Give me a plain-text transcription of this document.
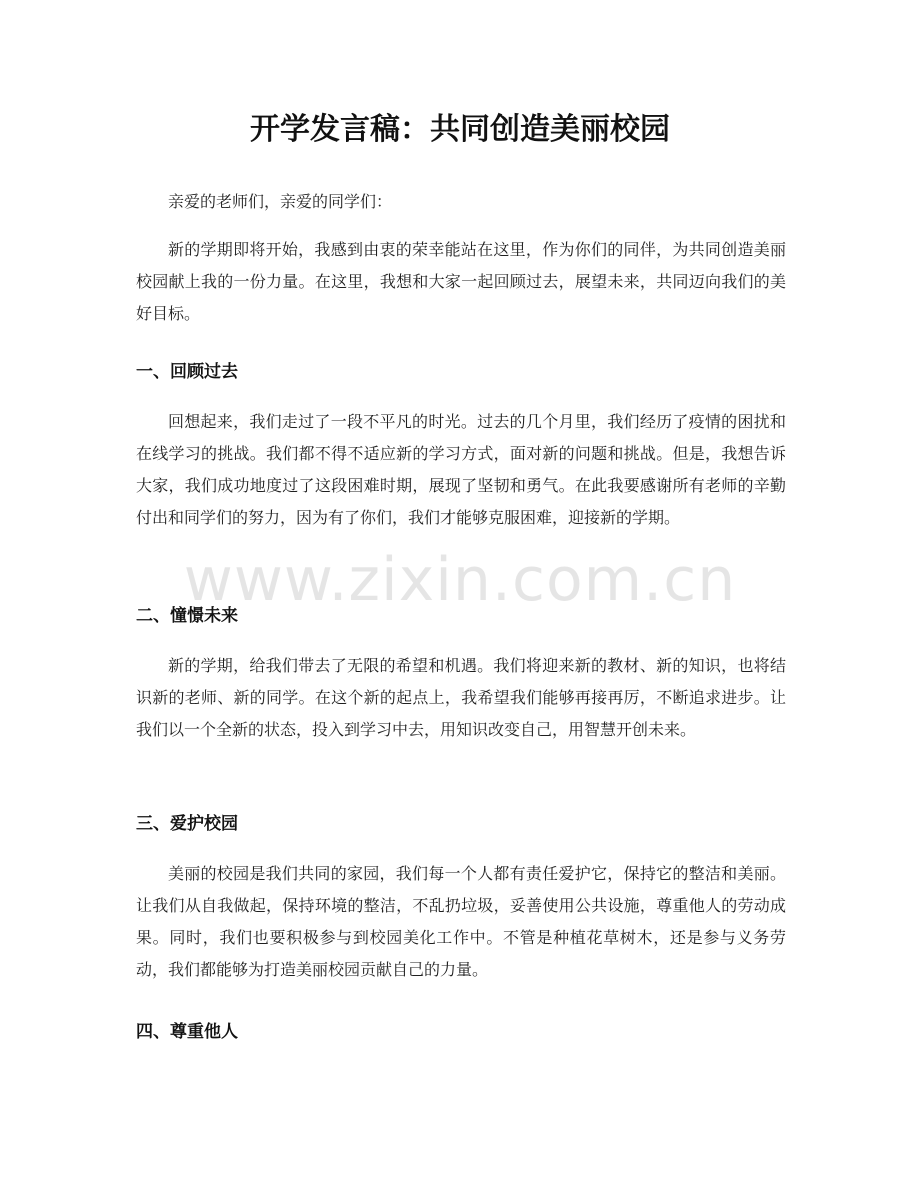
开学发言稿：共同创造美丽校园

亲爱的老师们，亲爱的同学们：

新的学期即将开始，我感到由衷的荣幸能站在这里，作为你们的同伴，为共同创造美丽校园献上我的一份力量。在这里，我想和大家一起回顾过去，展望未来，共同迈向我们的美好目标。

一、回顾过去

回想起来，我们走过了一段不平凡的时光。过去的几个月里，我们经历了疫情的困扰和在线学习的挑战。我们都不得不适应新的学习方式，面对新的问题和挑战。但是，我想告诉大家，我们成功地度过了这段困难时期，展现了坚韧和勇气。在此我要感谢所有老师的辛勤付出和同学们的努力，因为有了你们，我们才能够克服困难，迎接新的学期。

二、憧憬未来

新的学期，给我们带去了无限的希望和机遇。我们将迎来新的教材、新的知识，也将结识新的老师、新的同学。在这个新的起点上，我希望我们能够再接再厉，不断追求进步。让我们以一个全新的状态，投入到学习中去，用知识改变自己，用智慧开创未来。

三、爱护校园

美丽的校园是我们共同的家园，我们每一个人都有责任爱护它，保持它的整洁和美丽。让我们从自我做起，保持环境的整洁，不乱扔垃圾，妥善使用公共设施，尊重他人的劳动成果。同时，我们也要积极参与到校园美化工作中。不管是种植花草树木，还是参与义务劳动，我们都能够为打造美丽校园贡献自己的力量。

四、尊重他人
www.zixin.com.cn
